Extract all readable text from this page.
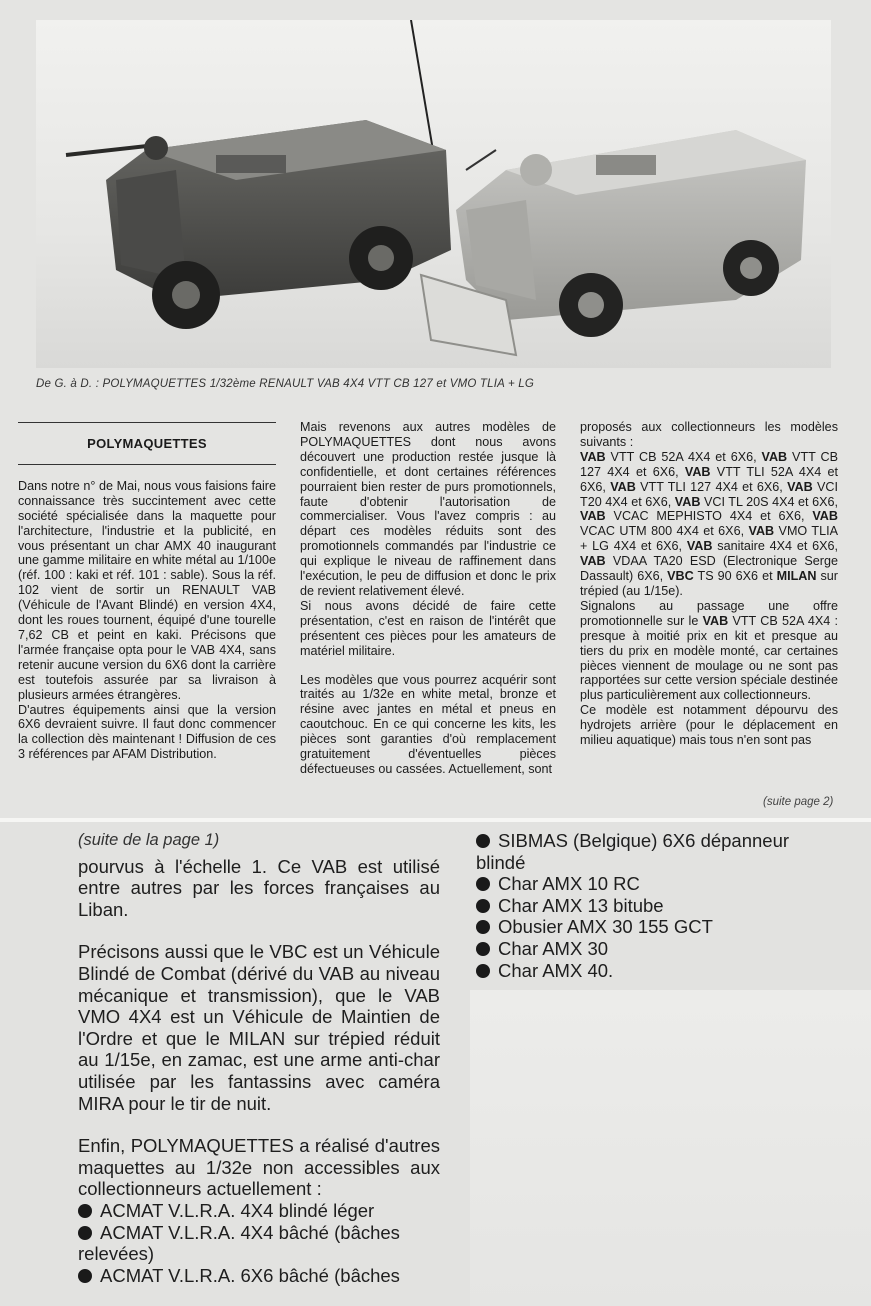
De G. à D. : POLYMAQUETTES 1/32ème RENAULT VAB 4X4 VTT CB 127 et VMO TLIA + LG
POLYMAQUETTES

Dans notre n° de Mai, nous vous faisions faire connaissance très succintement avec cette société spécialisée dans la maquette pour l'architecture, l'industrie et la publicité, en vous présentant un char AMX 40 inaugurant une gamme militaire en white métal au 1/100e (réf. 100 : kaki et réf. 101 : sable). Sous la réf. 102 vient de sortir un RENAULT VAB (Véhicule de l'Avant Blindé) en version 4X4, dont les roues tournent, équipé d'une tourelle 7,62 CB et peint en kaki. Précisons que l'armée française opta pour le VAB 4X4, sans retenir aucune version du 6X6 dont la carrière est toutefois assurée par sa livraison à plusieurs armées étrangères.

D'autres équipements ainsi que la version 6X6 devraient suivre. Il faut donc commencer la collection dès maintenant ! Diffusion de ces 3 références par AFAM Distribution.

Mais revenons aux autres modèles de POLYMAQUETTES dont nous avons découvert une production restée jusque là confidentielle, et dont certaines références pourraient bien rester de purs promotionnels, faute d'obtenir l'autorisation de commercialiser. Vous l'avez compris : au départ ces modèles réduits sont des promotionnels commandés par l'industrie ce qui explique le niveau de raffinement dans l'exécution, le peu de diffusion et donc le prix de revient relativement élevé.

Si nous avons décidé de faire cette présentation, c'est en raison de l'intérêt que présentent ces pièces pour les amateurs de matériel militaire.

Les modèles que vous pourrez acquérir sont traités au 1/32e en white metal, bronze et résine avec jantes en métal et pneus en caoutchouc. En ce qui concerne les kits, les pièces sont garanties d'où remplacement gratuitement d'éventuelles pièces défectueuses ou cassées. Actuellement, sont

proposés aux collectionneurs les modèles suivants :
VAB VTT CB 52A 4X4 et 6X6, VAB VTT CB 127 4X4 et 6X6, VAB VTT TLI 52A 4X4 et 6X6, VAB VTT TLI 127 4X4 et 6X6, VAB VCI T20 4X4 et 6X6, VAB VCI TL 20S 4X4 et 6X6, VAB VCAC MEPHISTO 4X4 et 6X6, VAB VCAC UTM 800 4X4 et 6X6, VAB VMO TLIA + LG 4X4 et 6X6, VAB sanitaire 4X4 et 6X6, VAB VDAA TA20 ESD (Electronique Serge Dassault) 6X6, VBC TS 90 6X6 et MILAN sur trépied (au 1/15e).

Signalons au passage une offre promotionnelle sur le VAB VTT CB 52A 4X4 : presque à moitié prix en kit et presque au tiers du prix en modèle monté, car certaines pièces viennent de moulage ou ne sont pas rapportées sur cette version spéciale destinée plus particulièrement aux collectionneurs.

Ce modèle est notamment dépourvu des hydrojets arrière (pour le déplacement en milieu aquatique) mais tous n'en sont pas

(suite page 2)

(suite de la page 1)

pourvus à l'échelle 1. Ce VAB est utilisé entre autres par les forces françaises au Liban.

Précisons aussi que le VBC est un Véhicule Blindé de Combat (dérivé du VAB au niveau mécanique et transmission), que le VAB VMO 4X4 est un Véhicule de Maintien de l'Ordre et que le MILAN sur trépied réduit au 1/15e, en zamac, est une arme anti-char utilisée par les fantassins avec caméra MIRA pour le tir de nuit.

Enfin, POLYMAQUETTES a réalisé d'autres maquettes au 1/32e non accessibles aux collectionneurs actuellement :

ACMAT V.L.R.A. 4X4 blindé léger
ACMAT V.L.R.A. 4X4 bâché (bâches relevées)
ACMAT V.L.R.A. 6X6 bâché (bâches
SIBMAS (Belgique) 6X6 dépanneur blindé
Char AMX 10 RC
Char AMX 13 bitube
Obusier AMX 30 155 GCT
Char AMX 30
Char AMX 40.
